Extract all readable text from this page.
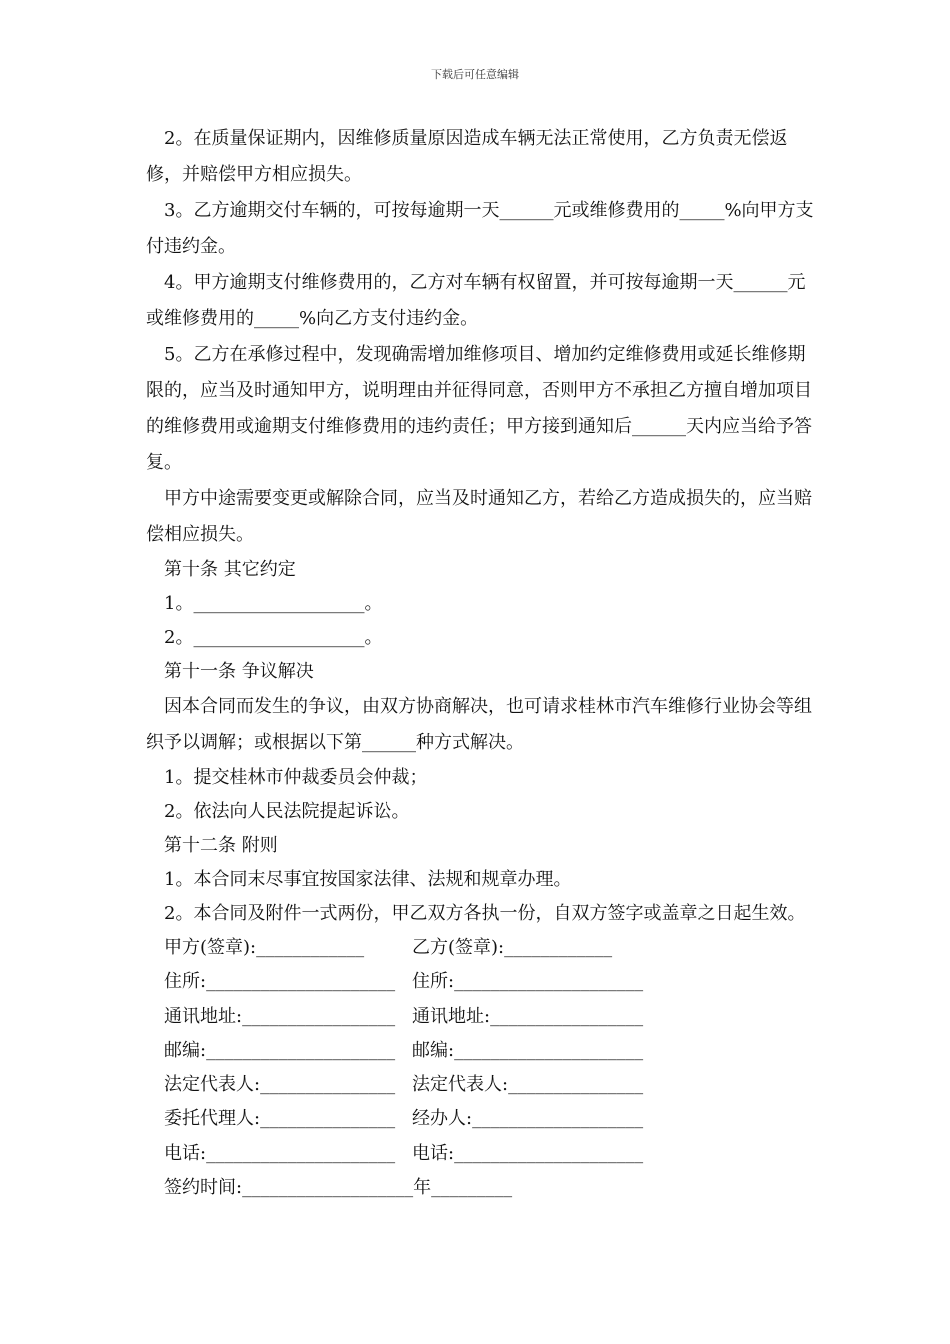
下载后可任意编辑

2。在质量保证期内，因维修质量原因造成车辆无法正常使用，乙方负责无偿返修，并赔偿甲方相应损失。

3。乙方逾期交付车辆的，可按每逾期一天______元或维修费用的_____%向甲方支付违约金。

4。甲方逾期支付维修费用的，乙方对车辆有权留置，并可按每逾期一天______元或维修费用的_____%向乙方支付违约金。

5。乙方在承修过程中，发现确需增加维修项目、增加约定维修费用或延长维修期限的，应当及时通知甲方，说明理由并征得同意，否则甲方不承担乙方擅自增加项目的维修费用或逾期支付维修费用的违约责任；甲方接到通知后______天内应当给予答复。

甲方中途需要变更或解除合同，应当及时通知乙方，若给乙方造成损失的，应当赔偿相应损失。

第十条 其它约定

1。___________________。

2。___________________。

第十一条 争议解决

因本合同而发生的争议，由双方协商解决，也可请求桂林市汽车维修行业协会等组织予以调解；或根据以下第______种方式解决。

1。提交桂林市仲裁委员会仲裁；

2。依法向人民法院提起诉讼。

第十二条 附则

1。本合同末尽事宜按国家法律、法规和规章办理。

2。本合同及附件一式两份，甲乙双方各执一份，自双方签字或盖章之日起生效。

甲方(签章):____________	乙方(签章):____________
住所:_____________________ 住所:_____________________
通讯地址:_________________ 通讯地址:_________________
邮编:_____________________ 邮编:_____________________
法定代表人:_______________ 法定代表人:_______________
委托代理人:_______________ 经办人:___________________
电话:_____________________ 电话:_____________________
签约时间:___________________年_________
